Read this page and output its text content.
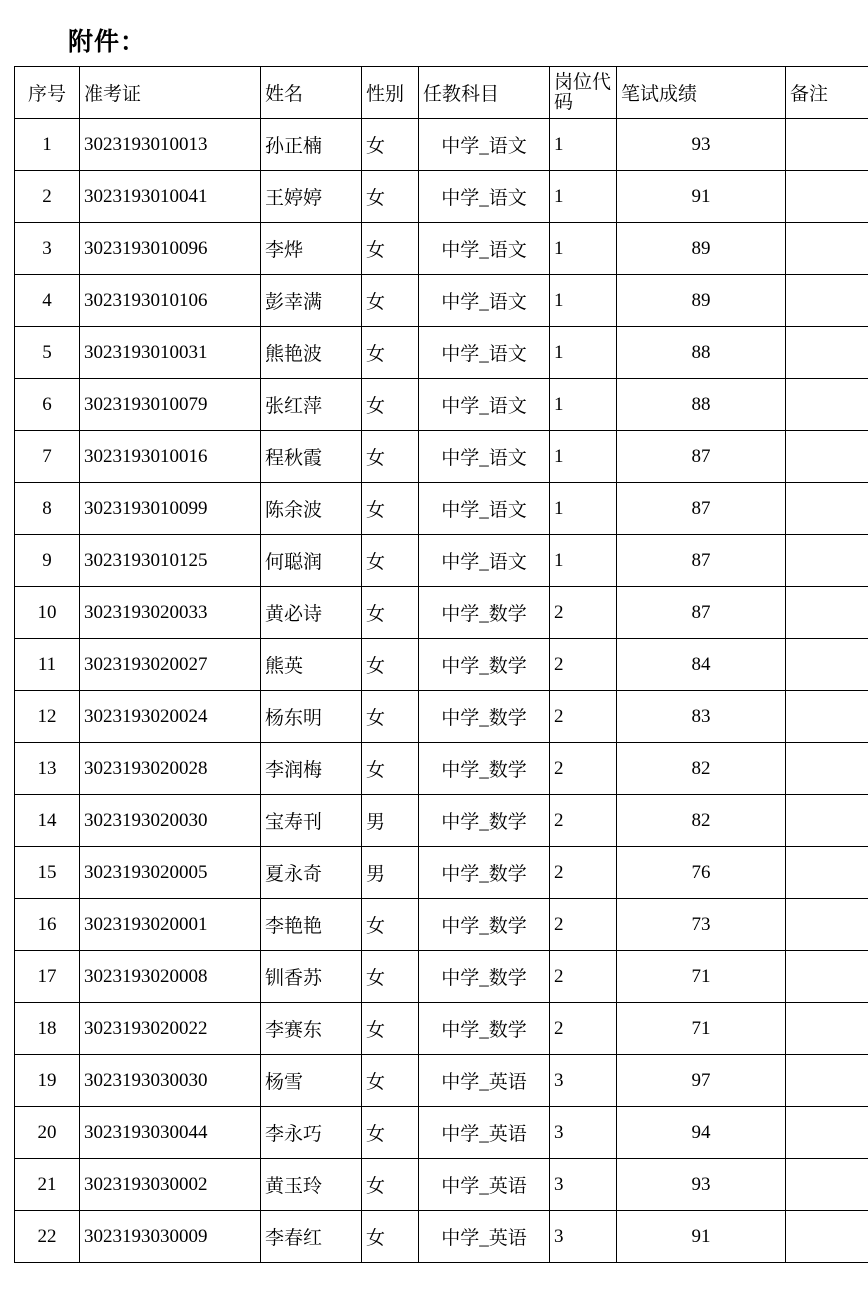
附件：
序号	准考证	姓名	性别	任教科目	岗位代码	笔试成绩	备注
1	3023193010013	孙正楠	女	中学_语文	1	93	
2	3023193010041	王婷婷	女	中学_语文	1	91	
3	3023193010096	李烨	女	中学_语文	1	89	
4	3023193010106	彭幸满	女	中学_语文	1	89	
5	3023193010031	熊艳波	女	中学_语文	1	88	
6	3023193010079	张红萍	女	中学_语文	1	88	
7	3023193010016	程秋霞	女	中学_语文	1	87	
8	3023193010099	陈余波	女	中学_语文	1	87	
9	3023193010125	何聪润	女	中学_语文	1	87	
10	3023193020033	黄必诗	女	中学_数学	2	87	
11	3023193020027	熊英	女	中学_数学	2	84	
12	3023193020024	杨东明	女	中学_数学	2	83	
13	3023193020028	李润梅	女	中学_数学	2	82	
14	3023193020030	宝寿刊	男	中学_数学	2	82	
15	3023193020005	夏永奇	男	中学_数学	2	76	
16	3023193020001	李艳艳	女	中学_数学	2	73	
17	3023193020008	钏香苏	女	中学_数学	2	71	
18	3023193020022	李赛东	女	中学_数学	2	71	
19	3023193030030	杨雪	女	中学_英语	3	97	
20	3023193030044	李永巧	女	中学_英语	3	94	
21	3023193030002	黄玉玲	女	中学_英语	3	93	
22	3023193030009	李春红	女	中学_英语	3	91	
